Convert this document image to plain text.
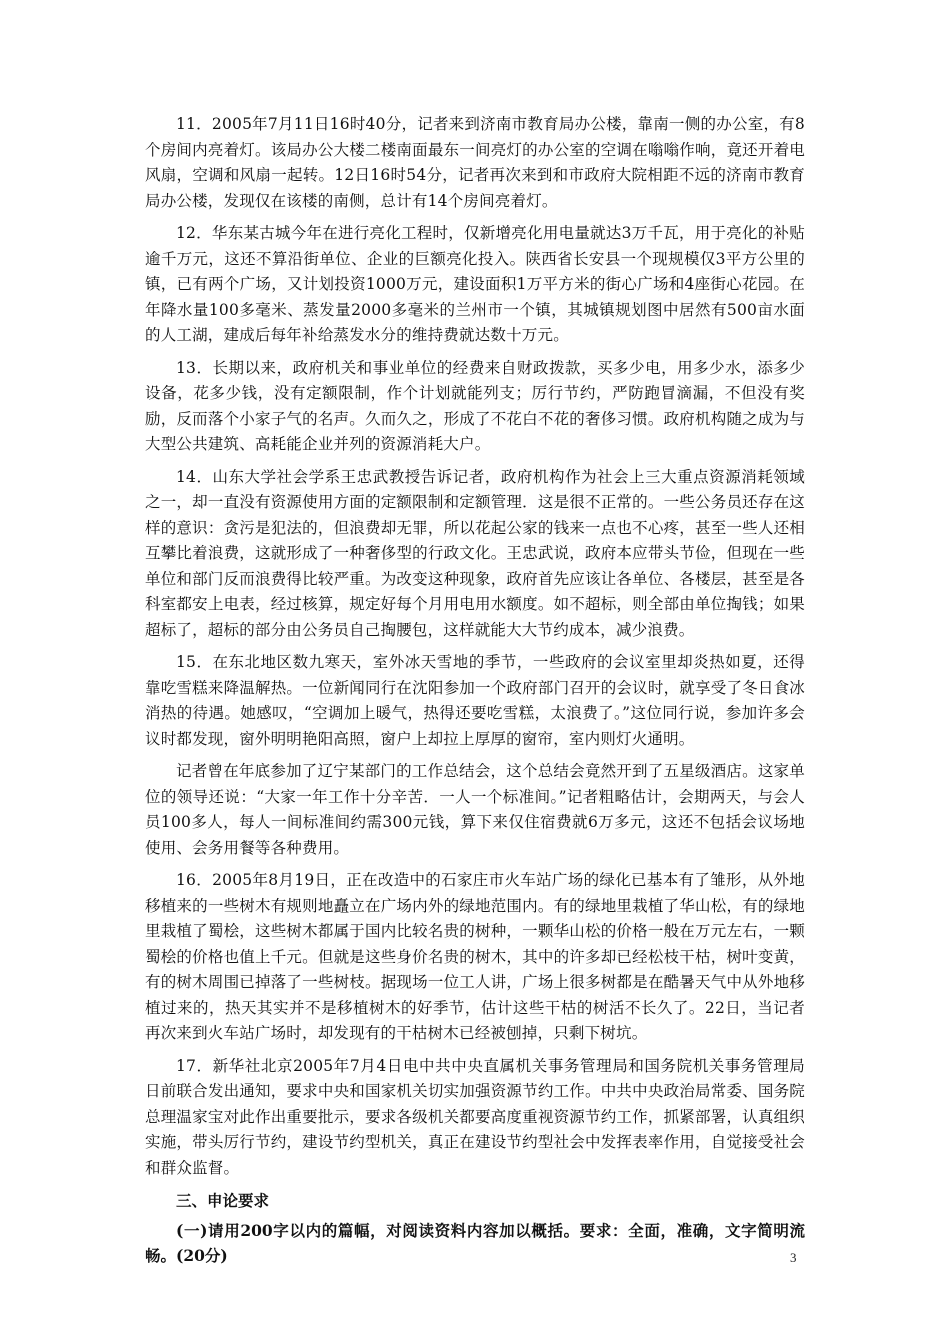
11．2005年7月11日16时40分，记者来到济南市教育局办公楼，靠南一侧的办公室，有8个房间内亮着灯。该局办公大楼二楼南面最东一间亮灯的办公室的空调在嗡嗡作响，竟还开着电风扇，空调和风扇一起转。12日16时54分，记者再次来到和市政府大院相距不远的济南市教育局办公楼，发现仅在该楼的南侧，总计有14个房间亮着灯。

12．华东某古城今年在进行亮化工程时，仅新增亮化用电量就达3万千瓦，用于亮化的补贴逾千万元，这还不算沿街单位、企业的巨额亮化投入。陕西省长安县一个现规模仅3平方公里的镇，已有两个广场，又计划投资1000万元，建设面积1万平方米的街心广场和4座街心花园。在年降水量100多毫米、蒸发量2000多毫米的兰州市一个镇，其城镇规划图中居然有500亩水面的人工湖，建成后每年补给蒸发水分的维持费就达数十万元。

13．长期以来，政府机关和事业单位的经费来自财政拨款，买多少电，用多少水，添多少设备，花多少钱，没有定额限制，作个计划就能列支；厉行节约，严防跑冒滴漏，不但没有奖励，反而落个小家子气的名声。久而久之，形成了不花白不花的奢侈习惯。政府机构随之成为与大型公共建筑、高耗能企业并列的资源消耗大户。

14．山东大学社会学系王忠武教授告诉记者，政府机构作为社会上三大重点资源消耗领域之一，却一直没有资源使用方面的定额限制和定额管理．这是很不正常的。一些公务员还存在这样的意识：贪污是犯法的，但浪费却无罪，所以花起公家的钱来一点也不心疼，甚至一些人还相互攀比着浪费，这就形成了一种奢侈型的行政文化。王忠武说，政府本应带头节俭，但现在一些单位和部门反而浪费得比较严重。为改变这种现象，政府首先应该让各单位、各楼层，甚至是各科室都安上电表，经过核算，规定好每个月用电用水额度。如不超标，则全部由单位掏钱；如果超标了，超标的部分由公务员自己掏腰包，这样就能大大节约成本，减少浪费。

15．在东北地区数九寒天，室外冰天雪地的季节，一些政府的会议室里却炎热如夏，还得靠吃雪糕来降温解热。一位新闻同行在沈阳参加一个政府部门召开的会议时，就享受了冬日食冰消热的待遇。她感叹，“空调加上暖气，热得还要吃雪糕，太浪费了。”这位同行说，参加许多会议时都发现，窗外明明艳阳高照，窗户上却拉上厚厚的窗帘，室内则灯火通明。

记者曾在年底参加了辽宁某部门的工作总结会，这个总结会竟然开到了五星级酒店。这家单位的领导还说：“大家一年工作十分辛苦．一人一个标准间。”记者粗略估计，会期两天，与会人员100多人，每人一间标准间约需300元钱，算下来仅住宿费就6万多元，这还不包括会议场地使用、会务用餐等各种费用。

16．2005年8月19日，正在改造中的石家庄市火车站广场的绿化已基本有了雏形，从外地移植来的一些树木有规则地矗立在广场内外的绿地范围内。有的绿地里栽植了华山松，有的绿地里栽植了蜀桧，这些树木都属于国内比较名贵的树种，一颗华山松的价格一般在万元左右，一颗蜀桧的价格也值上千元。但就是这些身价名贵的树木，其中的许多却已经松枝干枯，树叶变黄，有的树木周围已掉落了一些树枝。据现场一位工人讲，广场上很多树都是在酷暑天气中从外地移植过来的，热天其实并不是移植树木的好季节，估计这些干枯的树活不长久了。22日，当记者再次来到火车站广场时，却发现有的干枯树木已经被刨掉，只剩下树坑。

17．新华社北京2005年7月4日电中共中央直属机关事务管理局和国务院机关事务管理局日前联合发出通知，要求中央和国家机关切实加强资源节约工作。中共中央政治局常委、国务院总理温家宝对此作出重要批示，要求各级机关都要高度重视资源节约工作，抓紧部署，认真组织实施，带头厉行节约，建设节约型机关，真正在建设节约型社会中发挥表率作用，自觉接受社会和群众监督。

三、申论要求

(一)请用200字以内的篇幅，对阅读资料内容加以概括。要求：全面，准确，文字简明流畅。(20分)	3
